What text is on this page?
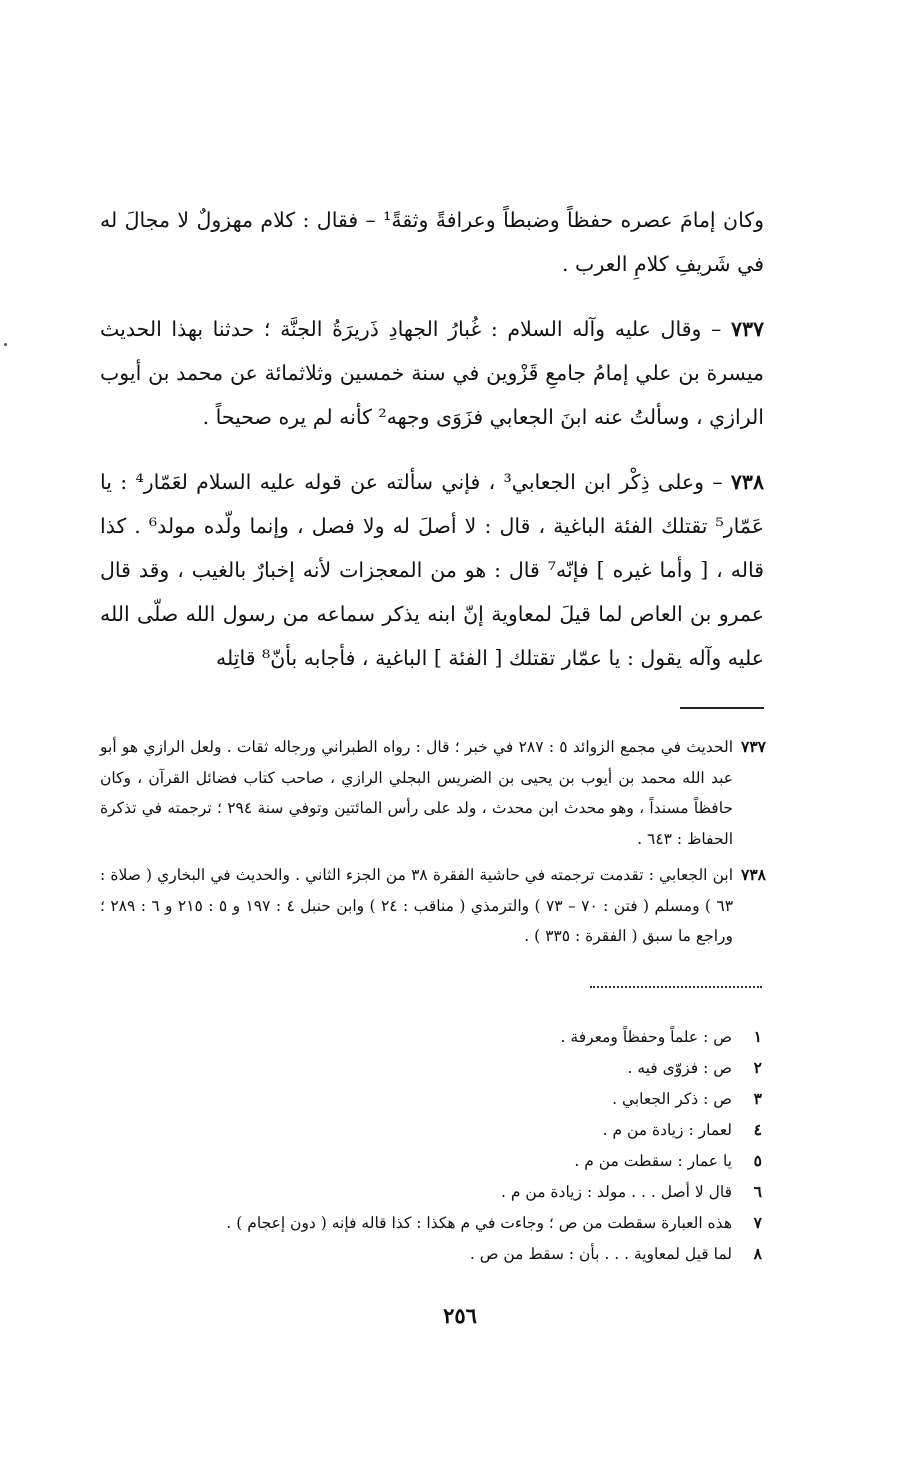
وكان إمامَ عصره حفظاً وضبطاً وعرافةً وثقةً¹ – فقال : كلام مهزولٌ لا مجالَ له في شَريفِ كلامِ العرب .

٧٣٧ – وقال عليه وآله السلام : غُبارُ الجهادِ ذَريرَةُ الجنَّة ؛ حدثنا بهذا الحديث ميسرة بن علي إمامُ جامعِ قَزْوين في سنة خمسين وثلاثمائة عن محمد بن أيوب الرازي ، وسألتُ عنه ابنَ الجعابي فزَوَى وجهه² كأنه لم يره صحيحاً .

٧٣٨ – وعلى ذِكْر ابن الجعابي³ ، فإني سألته عن قوله عليه السلام لعَمّار⁴ : يا عَمّار⁵ تقتلك الفئة الباغية ، قال : لا أصلَ له ولا فصل ، وإنما ولّده مولد⁶ . كذا قاله ، [ وأما غيره ] فإنّه⁷ قال : هو من المعجزات لأنه إخبارٌ بالغيب ، وقد قال عمرو بن العاص لما قيلَ لمعاوية إنّ ابنه يذكر سماعه من رسول الله صلّى الله عليه وآله يقول : يا عمّار تقتلك [ الفئة ] الباغية ، فأجابه بأنّ⁸ قاتِله

٧٣٧
الحديث في مجمع الزوائد ٥ : ٢٨٧ في خبر ؛ قال : رواه الطبراني ورجاله ثقات . ولعل الرازي هو أبو عبد الله محمد بن أيوب بن يحيى بن الضريس البجلي الرازي ، صاحب كتاب فضائل القرآن ، وكان حافظاً مسنداً ، وهو محدث ابن محدث ، ولد على رأس المائتين وتوفي سنة ٢٩٤ ؛ ترجمته في تذكرة الحفاظ : ٦٤٣ .
٧٣٨
ابن الجعابي : تقدمت ترجمته في حاشية الفقرة ٣٨ من الجزء الثاني . والحديث في البخاري ( صلاة : ٦٣ ) ومسلم ( فتن : ٧٠ – ٧٣ ) والترمذي ( مناقب : ٢٤ ) وابن حنبل ٤ : ١٩٧ و ٥ : ٢١٥ و ٦ : ٢٨٩ ؛ وراجع ما سبق ( الفقرة : ٣٣٥ ) .
١ص : علماً وحفظاً ومعرفة .
٢ص : فزوّى فيه .
٣ص : ذكر الجعابي .
٤لعمار : زيادة من م .
٥يا عمار : سقطت من م .
٦قال لا أصل . . . مولد : زيادة من م .
٧هذه العبارة سقطت من ص ؛ وجاءت في م هكذا : كذا قاله فإنه ( دون إعجام ) .
٨لما قيل لمعاوية . . . بأن : سقط من ص .
٢٥٦
